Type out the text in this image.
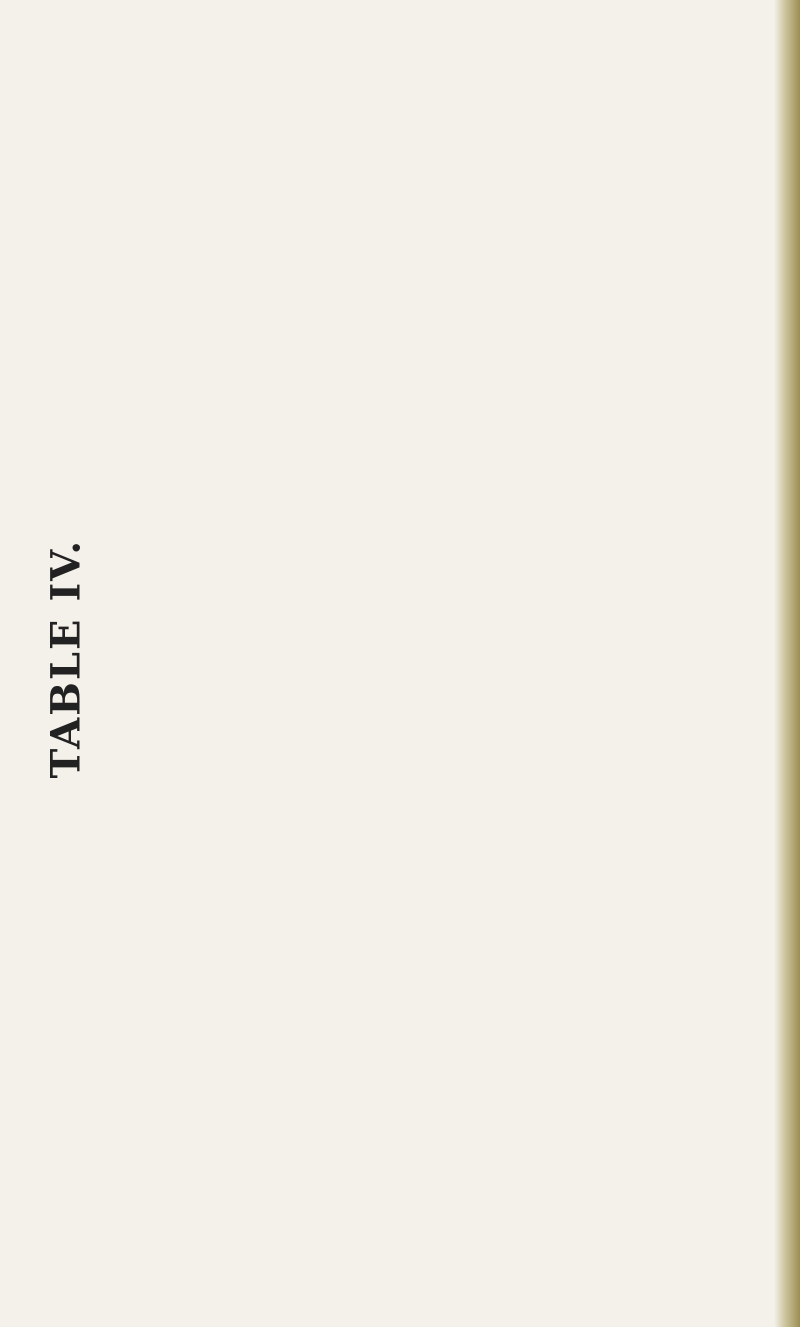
TABLE IV.
